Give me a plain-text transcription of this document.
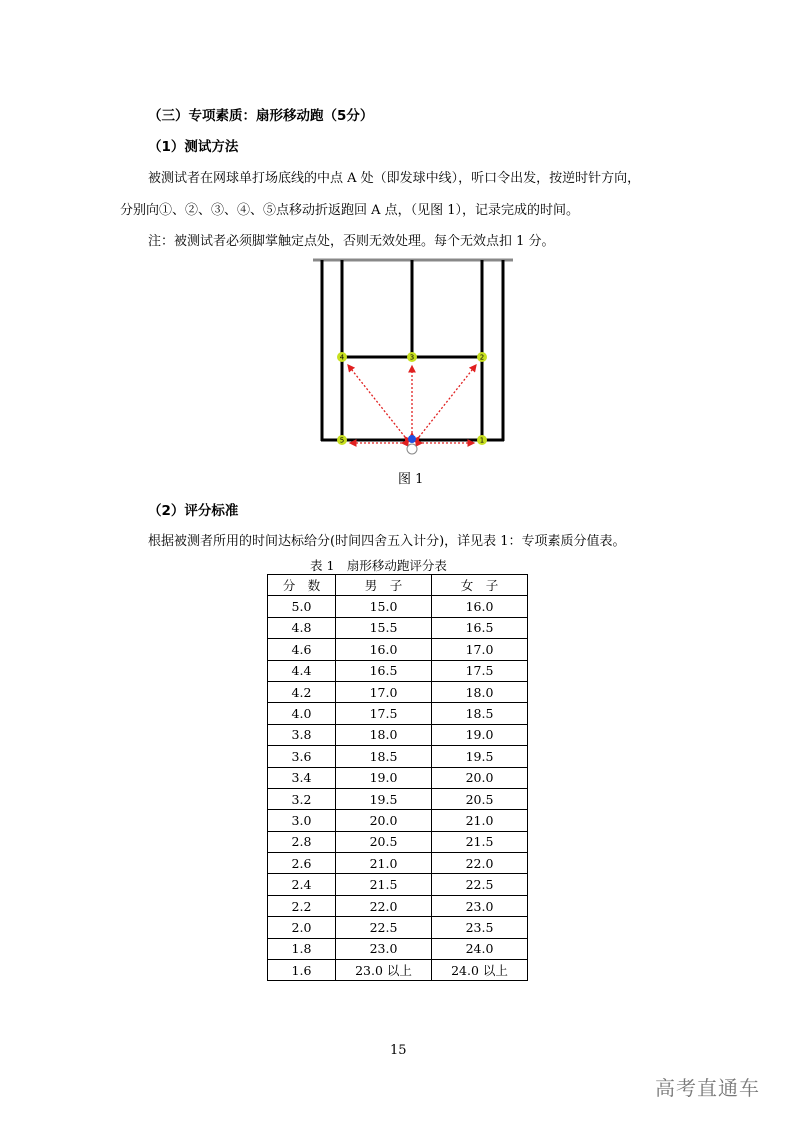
（三）专项素质：扇形移动跑（5分）
（1）测试方法
被测试者在网球单打场底线的中点 A 处（即发球中线），听口令出发，按逆时针方向，
分别向①、②、③、④、⑤点移动折返跑回 A 点，（见图 1），记录完成的时间。
注：被测试者必须脚掌触定点处，否则无效处理。每个无效点扣 1 分。
1
2
3
4
5
图 1
（2）评分标准
根据被测者所用的时间达标给分(时间四舍五入计分)，详见表 1：专项素质分值表。
表 1　扇形移动跑评分表
分　数	男　子	女　子
5.0	15.0	16.0
4.8	15.5	16.5
4.6	16.0	17.0
4.4	16.5	17.5
4.2	17.0	18.0
4.0	17.5	18.5
3.8	18.0	19.0
3.6	18.5	19.5
3.4	19.0	20.0
3.2	19.5	20.5
3.0	20.0	21.0
2.8	20.5	21.5
2.6	21.0	22.0
2.4	21.5	22.5
2.2	22.0	23.0
2.0	22.5	23.5
1.8	23.0	24.0
1.6	23.0 以上	24.0 以上
15
高考直通车
